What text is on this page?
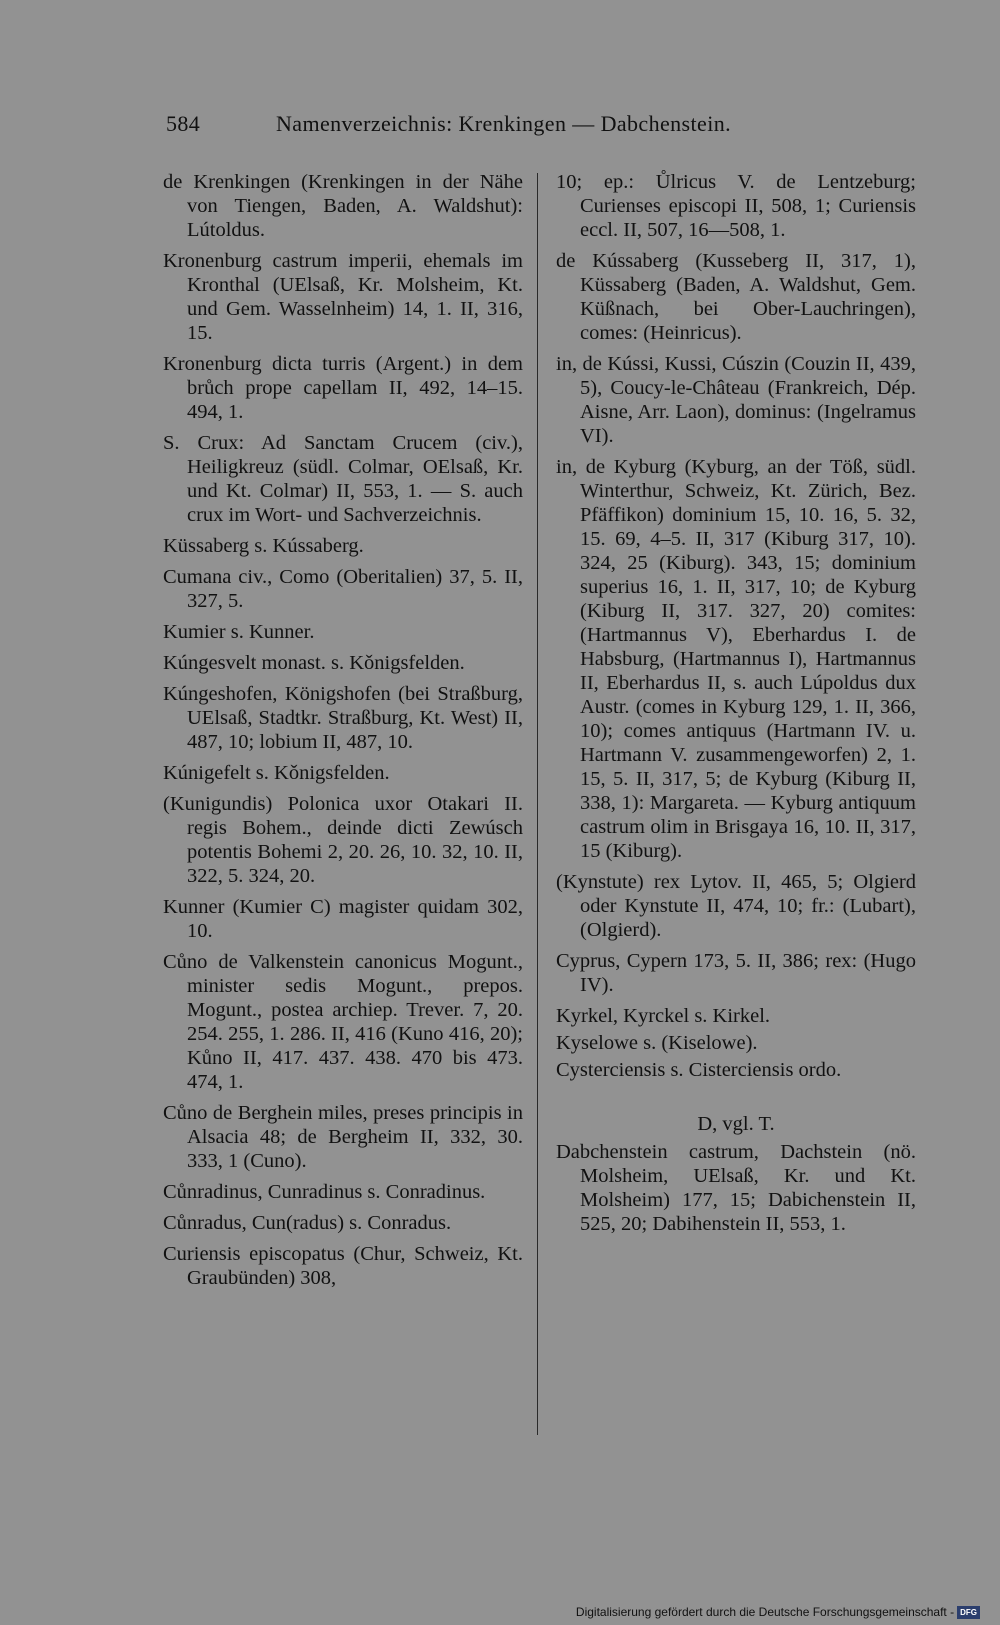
584	Namenverzeichnis: Krenkingen — Dabchenstein.

de Krenkingen (Krenkingen in der Nähe von Tiengen, Baden, A. Waldshut): Lútoldus.

Kronenburg castrum imperii, ehemals im Kronthal (UElsaß, Kr. Molsheim, Kt. und Gem. Wasselnheim) 14, 1. II, 316, 15.

Kronenburg dicta turris (Argent.) in dem brůch prope capellam II, 492, 14–15. 494, 1.

S. Crux: Ad Sanctam Crucem (civ.), Heiligkreuz (südl. Colmar, OElsaß, Kr. und Kt. Colmar) II, 553, 1. — S. auch crux im Wort- und Sachverzeichnis.

Küssaberg s. Kússaberg.

Cumana civ., Como (Oberitalien) 37, 5. II, 327, 5.

Kumier s. Kunner.

Kúngesvelt monast. s. Kǒnigsfelden.

Kúngeshofen, Königshofen (bei Straßburg, UElsaß, Stadtkr. Straßburg, Kt. West) II, 487, 10; lobium II, 487, 10.

Kúnigefelt s. Kǒnigsfelden.

(Kunigundis) Polonica uxor Otakari II. regis Bohem., deinde dicti Zewúsch potentis Bohemi 2, 20. 26, 10. 32, 10. II, 322, 5. 324, 20.

Kunner (Kumier C) magister quidam 302, 10.

Cůno de Valkenstein canonicus Mogunt., minister sedis Mogunt., prepos. Mogunt., postea archiep. Trever. 7, 20. 254. 255, 1. 286. II, 416 (Kuno 416, 20); Kůno II, 417. 437. 438. 470 bis 473. 474, 1.

Cůno de Berghein miles, preses principis in Alsacia 48; de Bergheim II, 332, 30. 333, 1 (Cuno).

Cůnradinus, Cunradinus s. Conradinus.

Cůnradus, Cun(radus) s. Conradus.

Curiensis episcopatus (Chur, Schweiz, Kt. Graubünden) 308,

10; ep.: Ůlricus V. de Lentzeburg; Curienses episcopi II, 508, 1; Curiensis eccl. II, 507, 16—508, 1.

de Kússaberg (Kusseberg II, 317, 1), Küssaberg (Baden, A. Waldshut, Gem. Küßnach, bei Ober-Lauchringen), comes: (Heinricus).

in, de Kússi, Kussi, Cúszin (Couzin II, 439, 5), Coucy-le-Château (Frankreich, Dép. Aisne, Arr. Laon), dominus: (Ingelramus VI).

in, de Kyburg (Kyburg, an der Töß, südl. Winterthur, Schweiz, Kt. Zürich, Bez. Pfäffikon) dominium 15, 10. 16, 5. 32, 15. 69, 4–5. II, 317 (Kiburg 317, 10). 324, 25 (Kiburg). 343, 15; dominium superius 16, 1. II, 317, 10; de Kyburg (Kiburg II, 317. 327, 20) comites: (Hartmannus V), Eberhardus I. de Habsburg, (Hartmannus I), Hartmannus II, Eberhardus II, s. auch Lúpoldus dux Austr. (comes in Kyburg 129, 1. II, 366, 10); comes antiquus (Hartmann IV. u. Hartmann V. zusammengeworfen) 2, 1. 15, 5. II, 317, 5; de Kyburg (Kiburg II, 338, 1): Margareta. — Kyburg antiquum castrum olim in Brisgaya 16, 10. II, 317, 15 (Kiburg).

(Kynstute) rex Lytov. II, 465, 5; Olgierd oder Kynstute II, 474, 10; fr.: (Lubart), (Olgierd).

Cyprus, Cypern 173, 5. II, 386; rex: (Hugo IV).

Kyrkel, Kyrckel s. Kirkel.

Kyselowe s. (Kiselowe).

Cysterciensis s. Cisterciensis ordo.

D, vgl. T.

Dabchenstein castrum, Dachstein (nö. Molsheim, UElsaß, Kr. und Kt. Molsheim) 177, 15; Dabichenstein II, 525, 20; Dabihenstein II, 553, 1.

Digitalisierung gefördert durch die Deutsche Forschungsgemeinschaft - DFG
